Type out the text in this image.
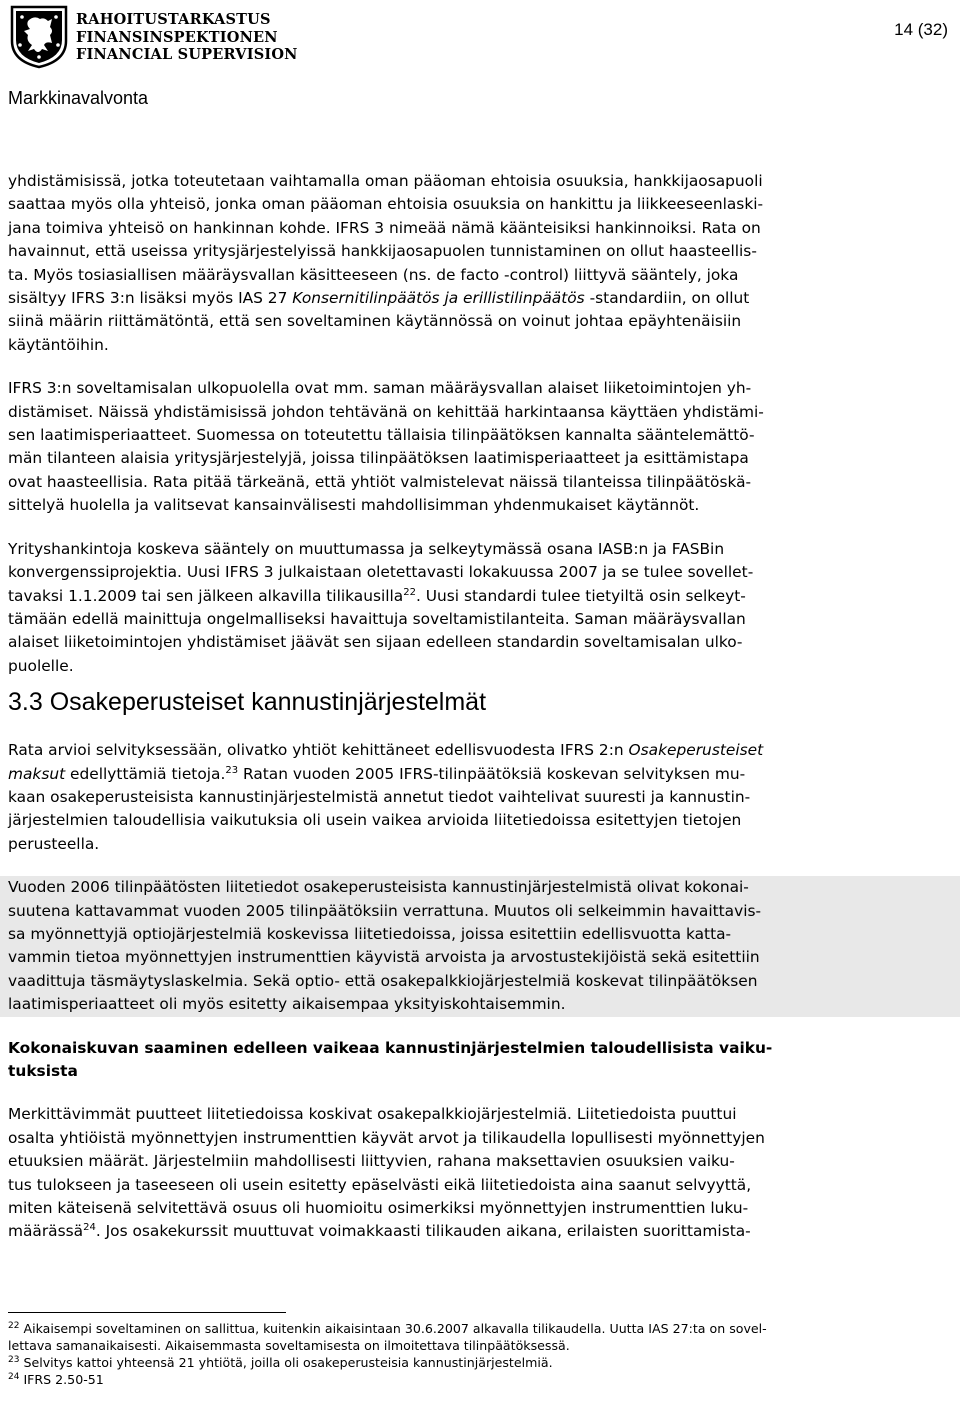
RAHOITUSTARKASTUS
FINANSINSPEKTIONEN
FINANCIAL SUPERVISION
14 (32)
Markkinavalvonta
yhdistämisissä, jotka toteutetaan vaihtamalla oman pääoman ehtoisia osuuksia, hankkijaosapuoli
saattaa myös olla yhteisö, jonka oman pääoman ehtoisia osuuksia on hankittu ja liikkeeseenlaski-
jana toimiva yhteisö on hankinnan kohde. IFRS 3 nimeää nämä käänteisiksi hankinnoiksi. Rata on
havainnut, että useissa yritysjärjestelyissä hankkijaosapuolen tunnistaminen on ollut haasteellis-
ta. Myös tosiasiallisen määräysvallan käsitteeseen (ns. de facto -control) liittyvä sääntely, joka
sisältyy IFRS 3:n lisäksi myös IAS 27 Konsernitilinpäätös ja erillistilinpäätös -standardiin, on ollut
siinä määrin riittämätöntä, että sen soveltaminen käytännössä on voinut johtaa epäyhtenäisiin
käytäntöihin.
IFRS 3:n soveltamisalan ulkopuolella ovat mm. saman määräysvallan alaiset liiketoimintojen yh-
distämiset. Näissä yhdistämisissä johdon tehtävänä on kehittää harkintaansa käyttäen yhdistämi-
sen laatimisperiaatteet. Suomessa on toteutettu tällaisia tilinpäätöksen kannalta sääntelemättö-
män tilanteen alaisia yritysjärjestelyjä, joissa tilinpäätöksen laatimisperiaatteet ja esittämistapa
ovat haasteellisia. Rata pitää tärkeänä, että yhtiöt valmistelevat näissä tilanteissa tilinpäätöskä-
sittelyä huolella ja valitsevat kansainvälisesti mahdollisimman yhdenmukaiset käytännöt.
Yrityshankintoja koskeva sääntely on muuttumassa ja selkeytymässä osana IASB:n ja FASBin
konvergenssiprojektia. Uusi IFRS 3 julkaistaan oletettavasti lokakuussa 2007 ja se tulee sovellet-
tavaksi 1.1.2009 tai sen jälkeen alkavilla tilikausilla$^{22}$. Uusi standardi tulee tietyiltä osin selkeyt-
tämään edellä mainittuja ongelmalliseksi havaittuja soveltamistilanteita. Saman määräysvallan
alaiset liiketoimintojen yhdistämiset jäävät sen sijaan edelleen standardin soveltamisalan ulko-
puolelle.
3.3 Osakeperusteiset kannustinjärjestelmät
Rata arvioi selvityksessään, olivatko yhtiöt kehittäneet edellisvuodesta IFRS 2:n Osakeperusteiset
maksut edellyttämiä tietoja.$^{23}$ Ratan vuoden 2005 IFRS-tilinpäätöksiä koskevan selvityksen mu-
kaan osakeperusteisista kannustinjärjestelmistä annetut tiedot vaihtelivat suuresti ja kannustin-
järjestelmien taloudellisia vaikutuksia oli usein vaikea arvioida liitetiedoissa esitettyjen tietojen
perusteella.
Vuoden 2006 tilinpäätösten liitetiedot osakeperusteisista kannustinjärjestelmistä olivat kokonai-
suutena kattavammat vuoden 2005 tilinpäätöksiin verrattuna. Muutos oli selkeimmin havaittavis-
sa myönnettyjä optiojärjestelmiä koskevissa liitetiedoissa, joissa esitettiin edellisvuotta katta-
vammin tietoa myönnettyjen instrumenttien käyvistä arvoista ja arvostustekijöistä sekä esitettiin
vaadittuja täsmäytyslaskelmia. Sekä optio- että osakepalkkiojärjestelmiä koskevat tilinpäätöksen
laatimisperiaatteet oli myös esitetty aikaisempaa yksityiskohtaisemmin.
Kokonaiskuvan saaminen edelleen vaikeaa kannustinjärjestelmien taloudellisista vaiku-
tuksista
Merkittävimmät puutteet liitetiedoissa koskivat osakepalkkiojärjestelmiä. Liitetiedoista puuttui
osalta yhtiöistä myönnettyjen instrumenttien käyvät arvot ja tilikaudella lopullisesti myönnettyjen
etuuksien määrät. Järjestelmiin mahdollisesti liittyvien, rahana maksettavien osuuksien vaiku-
tus tulokseen ja taseeseen oli usein esitetty epäselvästi eikä liitetiedoista aina saanut selvyyttä,
miten käteisenä selvitettävä osuus oli huomioitu osimerkiksi myönnettyjen instrumenttien luku-
määrässä$^{24}$. Jos osakekurssit muuttuvat voimakkaasti tilikauden aikana, erilaisten suorittamista-
$^{22}$ Aikaisempi soveltaminen on sallittua, kuitenkin aikaisintaan 30.6.2007 alkavalla tilikaudella. Uutta IAS 27:ta on sovel-
lettava samanaikaisesti. Aikaisemmasta soveltamisesta on ilmoitettava tilinpäätöksessä.
$^{23}$ Selvitys kattoi yhteensä 21 yhtiötä, joilla oli osakeperusteisia kannustinjärjestelmiä.
$^{24}$ IFRS 2.50-51
